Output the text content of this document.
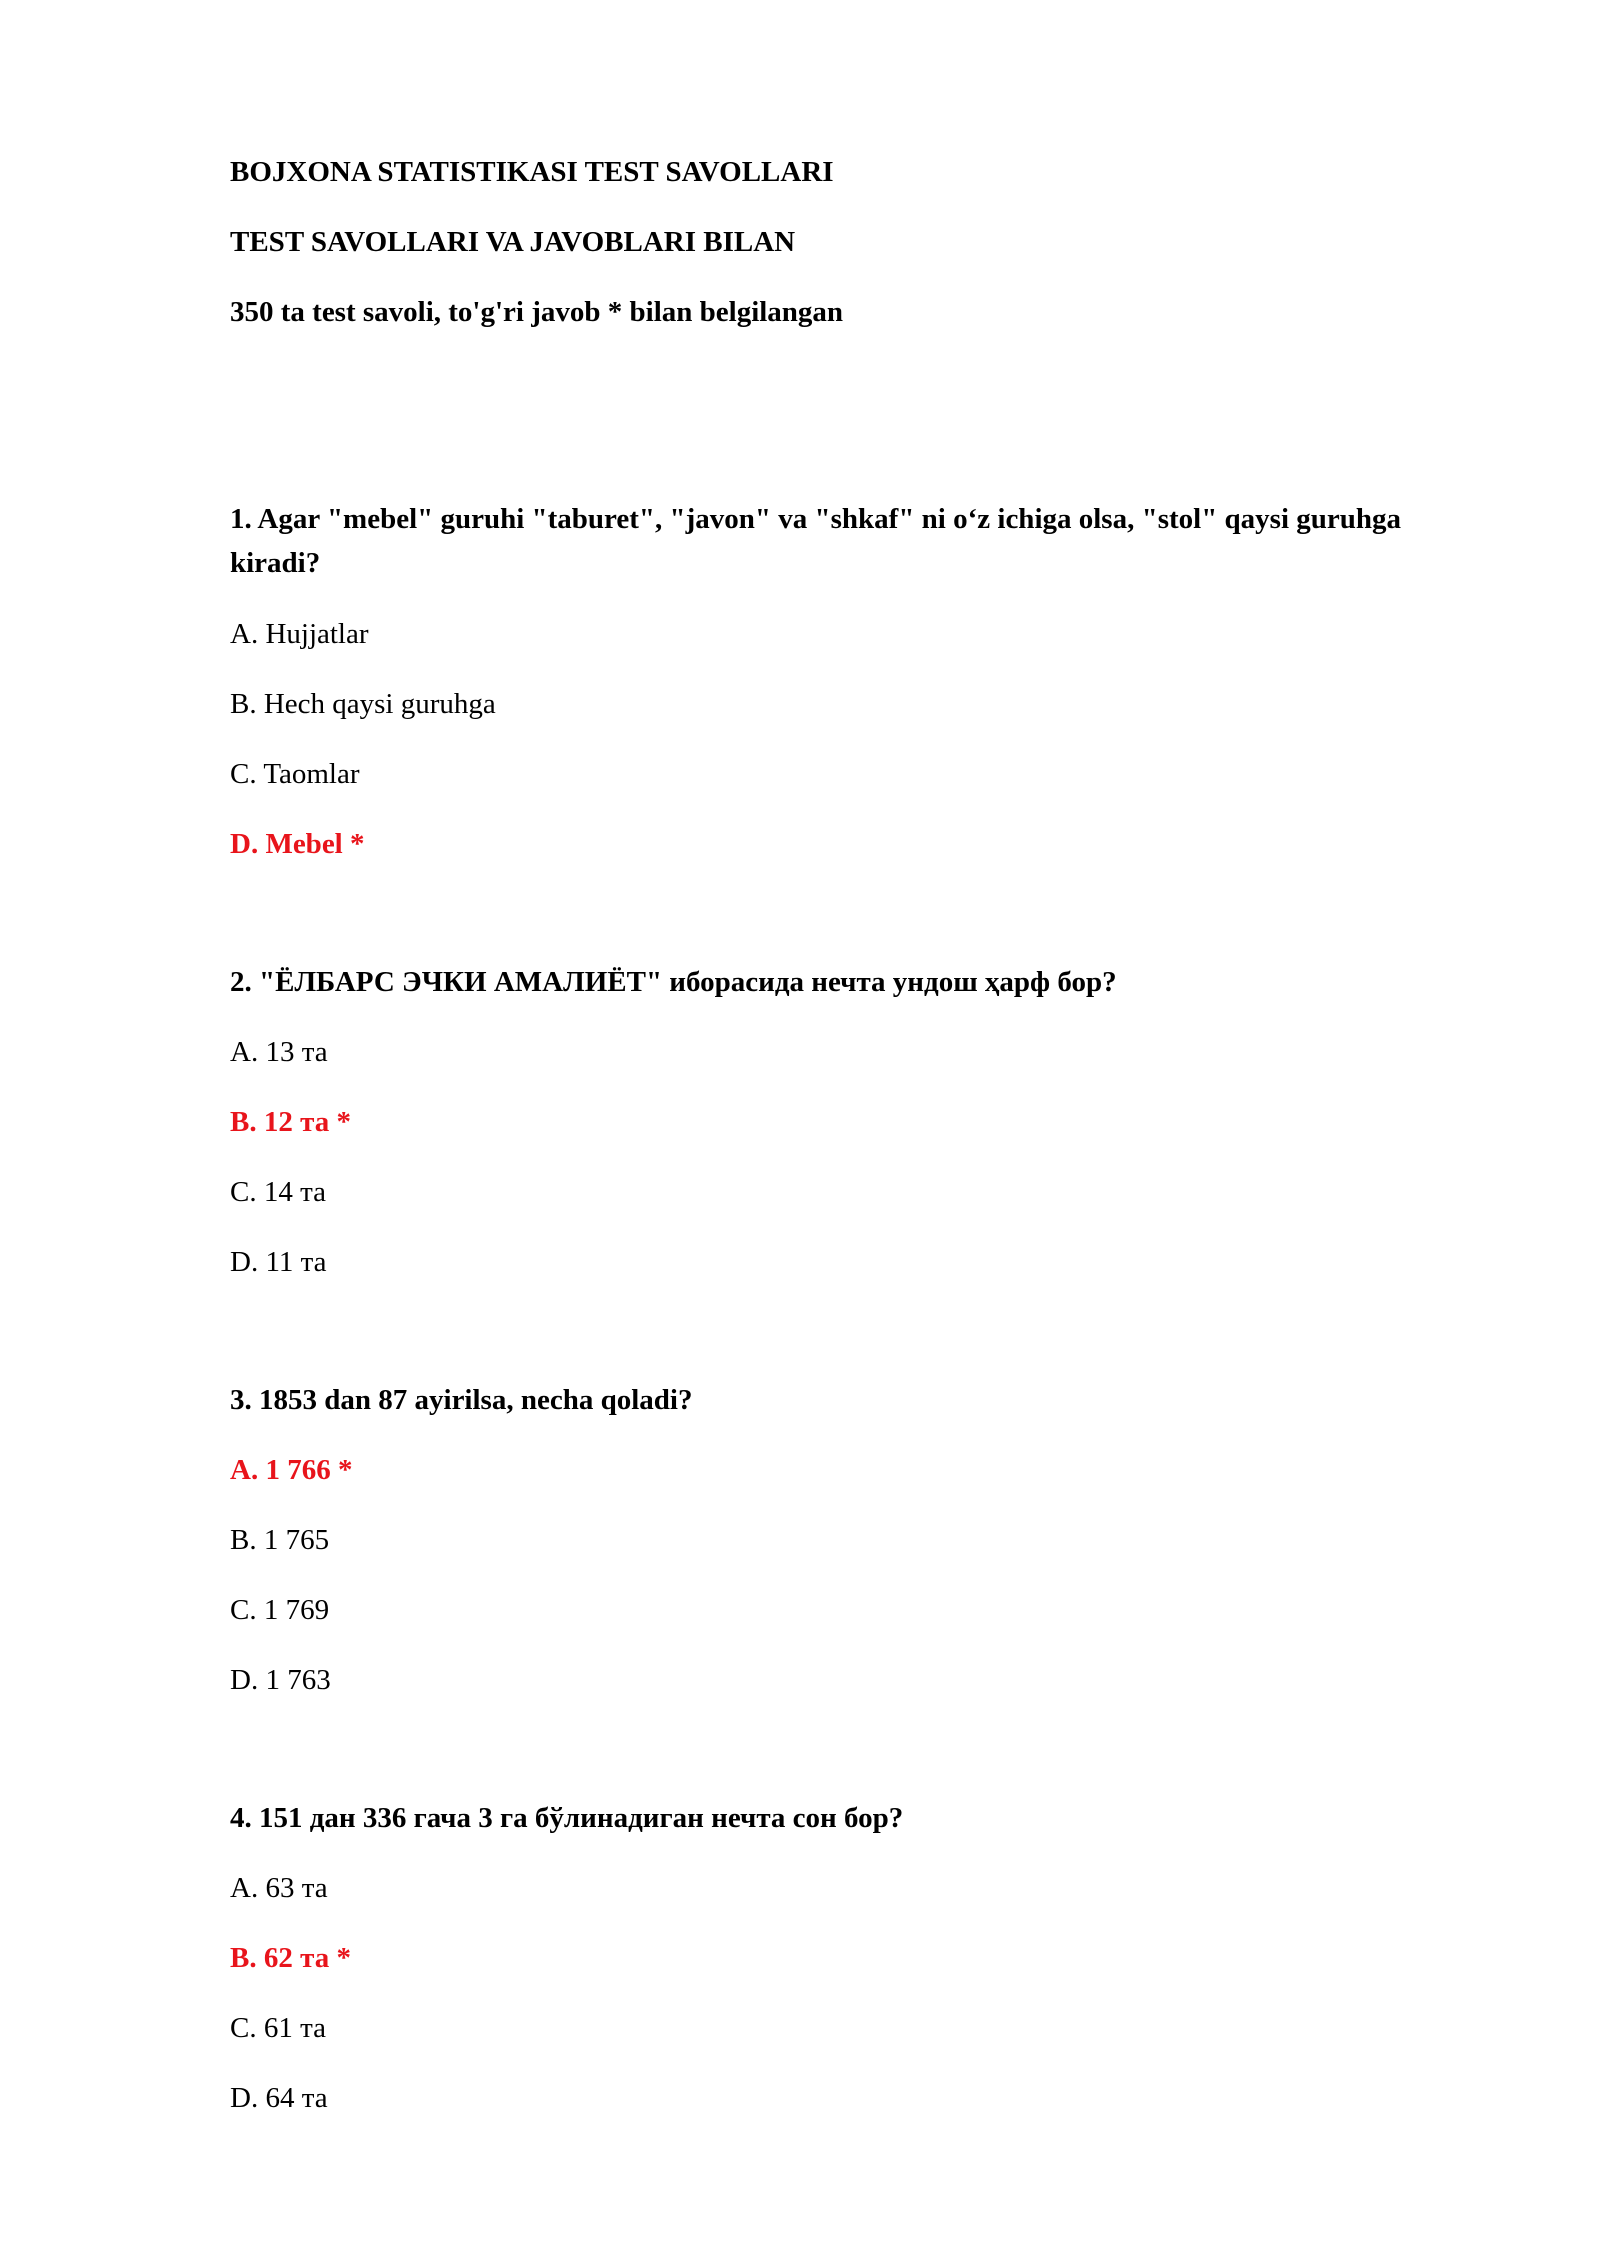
BOJXONA STATISTIKASI TEST SAVOLLARI

TEST SAVOLLARI VA JAVOBLARI BILAN

350 ta test savoli, to'g'ri javob * bilan belgilangan

1. Agar "mebel" guruhi "taburet", "javon" va "shkaf" ni o‘z ichiga olsa, "stol" qaysi guruhga kiradi?

A. Hujjatlar

B. Hech qaysi guruhga

C. Taomlar

D. Mebel *

2. "ЁЛБАРС ЭЧКИ АМАЛИЁТ" иборасида нечта ундош ҳарф бор?

A. 13 та

B. 12 та *

C. 14 та

D. 11 та

3. 1853 dan 87 ayirilsa, necha qoladi?

A. 1 766 *

B. 1 765

C. 1 769

D. 1 763

4. 151 дан 336 гача 3 га бўлинадиган нечта сон бор?

A. 63 та

B. 62 та *

C. 61 та

D. 64 та
